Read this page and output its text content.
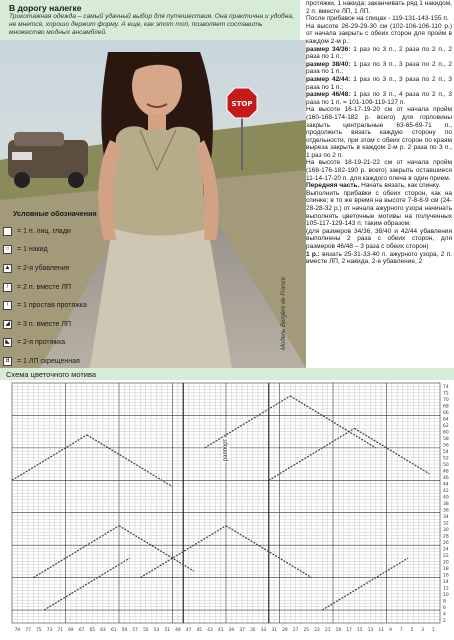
В дорогу налегке
Трикотажная одежда – самый удачный выбор для путешествия. Она практична и удобна, не мнется, хорошо держит форму. А еще, как этот топ, позволяет составить множество модных ансамблей.
STOP
Условные обозначения
= 1 п. лиц. глади
○	= 1 накид
▲ = 2-я убавление
/	= 2 п. вместе ЛП
\	= 1 простая протяжка
◢	= 3 п. вместе ЛП
◣	= 2-я протяжка
ꓤ	= 1 ЛП скрещенная
Модель Bergère de France

протяжки, 1 накида; заканчивать ряд 1 накидом, 2 п. вместе ЛП, 1 ЛП.

После прибавок на спицах - 119-131-143-155 п.

На высоте 26-29-29-30 см (102-106-106-110 р.) от начала закрыть с обеих сторон для пройм в каждом 2-м р.:

размер 34/36: 1 раз по 3 п., 2 раза по 2 п., 2 раза по 1 п.;

размер 38/40: 1 раз по 3 п., 3 раза по 2 п., 2 раза по 1 п.;

размер 42/44: 1 раз по 3 п., 3 раза по 2 п., 3 раза по 1 п.;

размер 46/48: 1 раз по 3 п., 4 раза по 2 п., 3 раза по 1 п. = 101-109-119-127 п.

На высоте 16-17-19-20 см от начала пройм (160-168-174-182 р. всего) для горловины закрыть центральные 63-65-69-71 п., продолжить вязать каждую сторону по отдельности, при этом с обеих сторон по краям вырезa закрыть в каждом 2-м р. 2 раза по 3 п., 1 раз по 2 п.

На высоте 18-19-21-22 см от начала пройм (168-176-182-190 р. всего) закрыть оставшиеся 11-14-17-20 п. для каждого плеча в один прием.

Передняя часть. Начать вязать, как спинку.

Выполнить прибавки с обеих сторон, как на спинке; в то же время на высоте 7-8-8-9 см (24-28-28-32 р.) от начала ажурного узора начинать выполнять цветочные мотивы на полученных 105-117-129-143 п. таким образом:

(для размеров 34/36, 38/40 и 42/44 убавления выполнены 2 раза с обеих сторон, для размеров 46/48 – 3 раза с обеих сторон)

1 р.: вязать 25-31-33-40 п. ажурного узора, 2 п. вместе ЛП, 2 накида, 2-е убавление, 2

Схема цветочного мотива
74
72
70
68
66
64
62
60
58
56
54
52
50
48
46
44
42
40
38
36
34
32
30
28
26
24
22
20
18
16
14
12
10
8
6
4
2
79 77 75 73 71 69 67 65 63 61 59 57 55 53 51 49 47 45 43 41 39 37 35 33 31 29 27 25 23 21 19 17 15 13 11 9 7 5 3 1
раппорт
